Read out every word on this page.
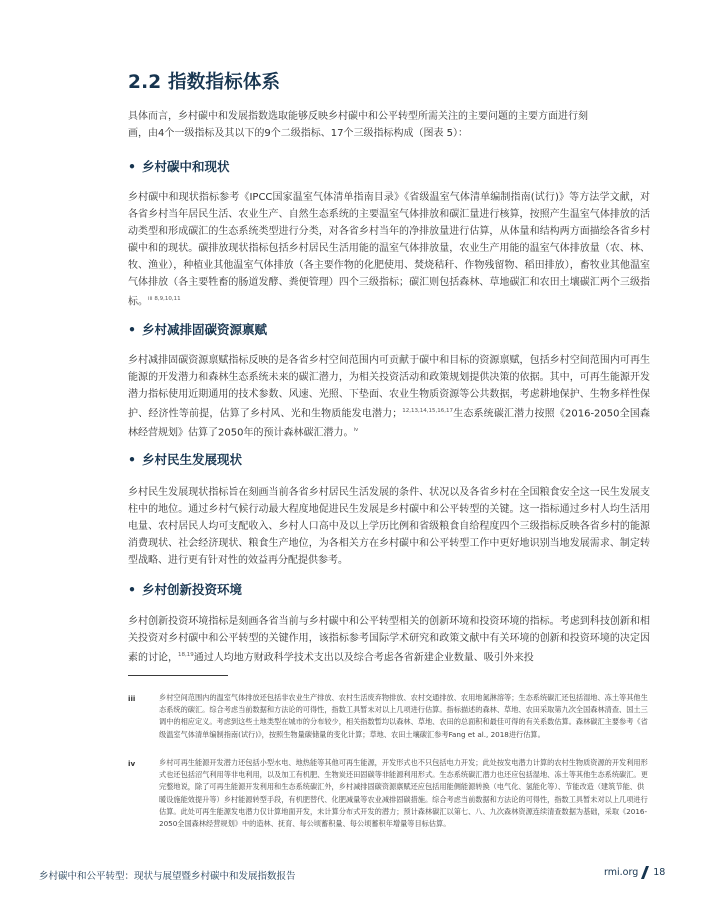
2.2 指数指标体系

具体而言，乡村碳中和发展指数选取能够反映乡村碳中和公平转型所需关注的主要问题的主要方面进行刻画，由4个一级指标及其以下的9个二级指标、17个三级指标构成（图表 5）：

• 乡村碳中和现状

乡村碳中和现状指标参考《IPCC国家温室气体清单指南目录》《省级温室气体清单编制指南(试行)》等方法学文献，对各省乡村当年居民生活、农业生产、自然生态系统的主要温室气体排放和碳汇量进行核算，按照产生温室气体排放的活动类型和形成碳汇的生态系统类型进行分类，对各省乡村当年的净排放量进行估算，从体量和结构两方面描绘各省乡村碳中和的现状。碳排放现状指标包括乡村居民生活用能的温室气体排放量，农业生产用能的温室气体排放量（农、林、牧、渔业），种植业其他温室气体排放（各主要作物的化肥使用、焚烧秸秆、作物残留物、稻田排放），畜牧业其他温室气体排放（各主要牲畜的肠道发酵、粪便管理）四个三级指标；碳汇则包括森林、草地碳汇和农田土壤碳汇两个三级指标。$^{iii 8,9,10,11}$

• 乡村减排固碳资源禀赋

乡村减排固碳资源禀赋指标反映的是各省乡村空间范围内可贡献于碳中和目标的资源禀赋，包括乡村空间范围内可再生能源的开发潜力和森林生态系统未来的碳汇潜力，为相关投资活动和政策规划提供决策的依据。其中，可再生能源开发潜力指标使用近期通用的技术参数、风速、光照、下垫面、农业生物质资源等公共数据，考虑耕地保护、生物多样性保护、经济性等前提，估算了乡村风、光和生物质能发电潜力；$^{12,13,14,15,16,17}$生态系统碳汇潜力按照《2016-2050全国森林经营规划》估算了2050年的预计森林碳汇潜力。$^{iv}$

• 乡村民生发展现状

乡村民生发展现状指标旨在刻画当前各省乡村居民生活发展的条件、状况以及各省乡村在全国粮食安全这一民生发展支柱中的地位。通过乡村气候行动最大程度地促进民生发展是乡村碳中和公平转型的关键。这一指标通过乡村人均生活用电量、农村居民人均可支配收入、乡村人口高中及以上学历比例和省级粮食自给程度四个三级指标反映各省乡村的能源消费现状、社会经济现状、粮食生产地位，为各相关方在乡村碳中和公平转型工作中更好地识别当地发展需求、制定转型战略、进行更有针对性的效益再分配提供参考。

• 乡村创新投资环境

乡村创新投资环境指标是刻画各省当前与乡村碳中和公平转型相关的创新环境和投资环境的指标。考虑到科技创新和相关投资对乡村碳中和公平转型的关键作用，该指标参考国际学术研究和政策文献中有关环境的创新和投资环境的决定因素的讨论，$^{18,19}$通过人均地方财政科学技术支出以及综合考虑各省新建企业数量、吸引外来投

iii	乡村空间范围内的温室气体排放还包括非农业生产排放、农村生活废弃物排放、农村交通排放、农用地氮淋溶等；生态系统碳汇还包括湿地、冻土等其他生态系统的碳汇。综合考虑当前数据和方法论的可得性，指数工具暂未对以上几项进行估算。指标描述的森林、草地、农田采取第九次全国森林清查、国土三调中的相应定义。考虑到这些土地类型在城市的分布较少，相关指数暂均以森林、草地、农田的总面积和最佳可得的有关系数估算。森林碳汇主要参考《省级温室气体清单编制指南(试行)》，按照生物量碳储量的变化计算；草地、农田土壤碳汇参考Fang et al., 2018进行估算。

iv	乡村可再生能源开发潜力还包括小型水电、地热能等其他可再生能源，开发形式也不只包括电力开发；此处按发电潜力计算的农村生物质资源的开发利用形式也还包括沼气利用等非电利用，以及加工有机肥、生物炭还田固碳等非能源利用形式。生态系统碳汇潜力也还应包括湿地、冻土等其他生态系统碳汇。更完整地说，除了可再生能源开发利用和生态系统碳汇外，乡村减排固碳资源禀赋还应包括用能侧能源转换（电气化、氢能化等）、节能改造（建筑节能、供暖设施能效提升等）乡村能源转型手段，有机肥替代、化肥减量等农业减排固碳措施。综合考虑当前数据和方法论的可得性，指数工具暂未对以上几项进行估算。此处可再生能源发电潜力仅计算地面开发，未计算分布式开发的潜力；预计森林碳汇以第七、八、九次森林资源连续清查数据为基础，采取《2016-2050全国森林经营规划》中的造林、抚育、每公顷蓄积量、每公顷蓄积年增量等目标估算。

乡村碳中和公平转型：现状与展望暨乡村碳中和发展指数报告	rmi.org 18
